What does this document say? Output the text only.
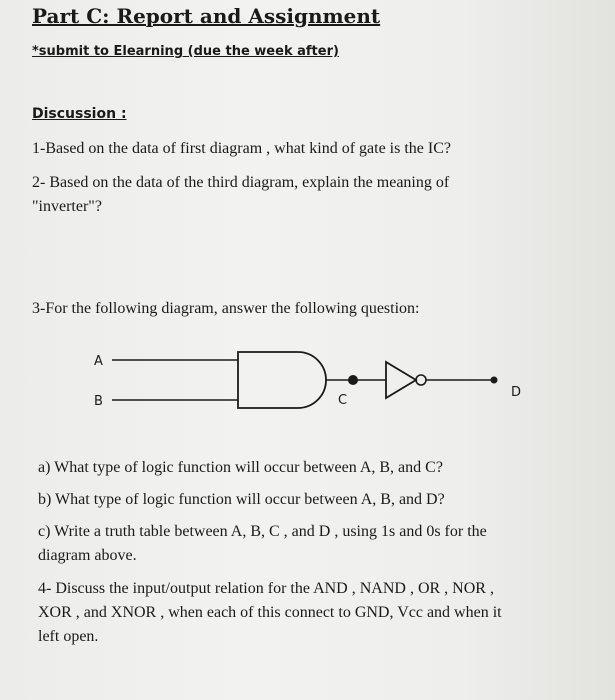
Part C: Report and Assignment
*submit to Elearning (due the week after)
Discussion :
1-Based on the data of first diagram , what kind of gate is the IC?
2- Based on the data of the third diagram, explain the meaning of
"inverter"?
3-For the following diagram, answer the following question:
A
B	C
D
a) What type of logic function will occur between A, B, and C?
b) What type of logic function will occur between A, B, and D?
c) Write a truth table between A, B, C , and D , using 1s and 0s for the
diagram above.
4- Discuss the input/output relation for the AND , NAND , OR , NOR ,
XOR , and XNOR , when each of this connect to GND, Vcc and when it
left open.
